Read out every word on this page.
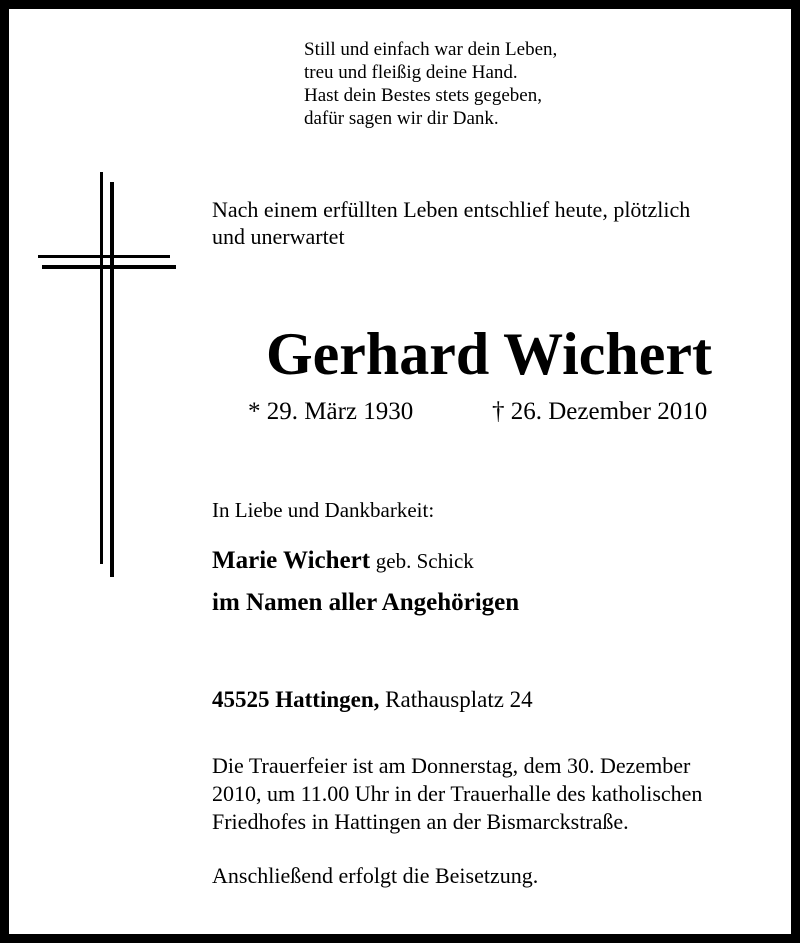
Still und einfach war dein Leben,
treu und fleißig deine Hand.
Hast dein Bestes stets gegeben,
dafür sagen wir dir Dank.
Nach einem erfüllten Leben entschlief heute, plötzlich
und unerwartet
Gerhard Wichert
* 29. März 1930	† 26. Dezember 2010
In Liebe und Dankbarkeit:
Marie Wichert geb. Schick
im Namen aller Angehörigen
45525 Hattingen, Rathausplatz 24
Die Trauerfeier ist am Donnerstag, dem 30. Dezember
2010, um 11.00 Uhr in der Trauerhalle des katholischen
Friedhofes in Hattingen an der Bismarckstraße.
Anschließend erfolgt die Beisetzung.
